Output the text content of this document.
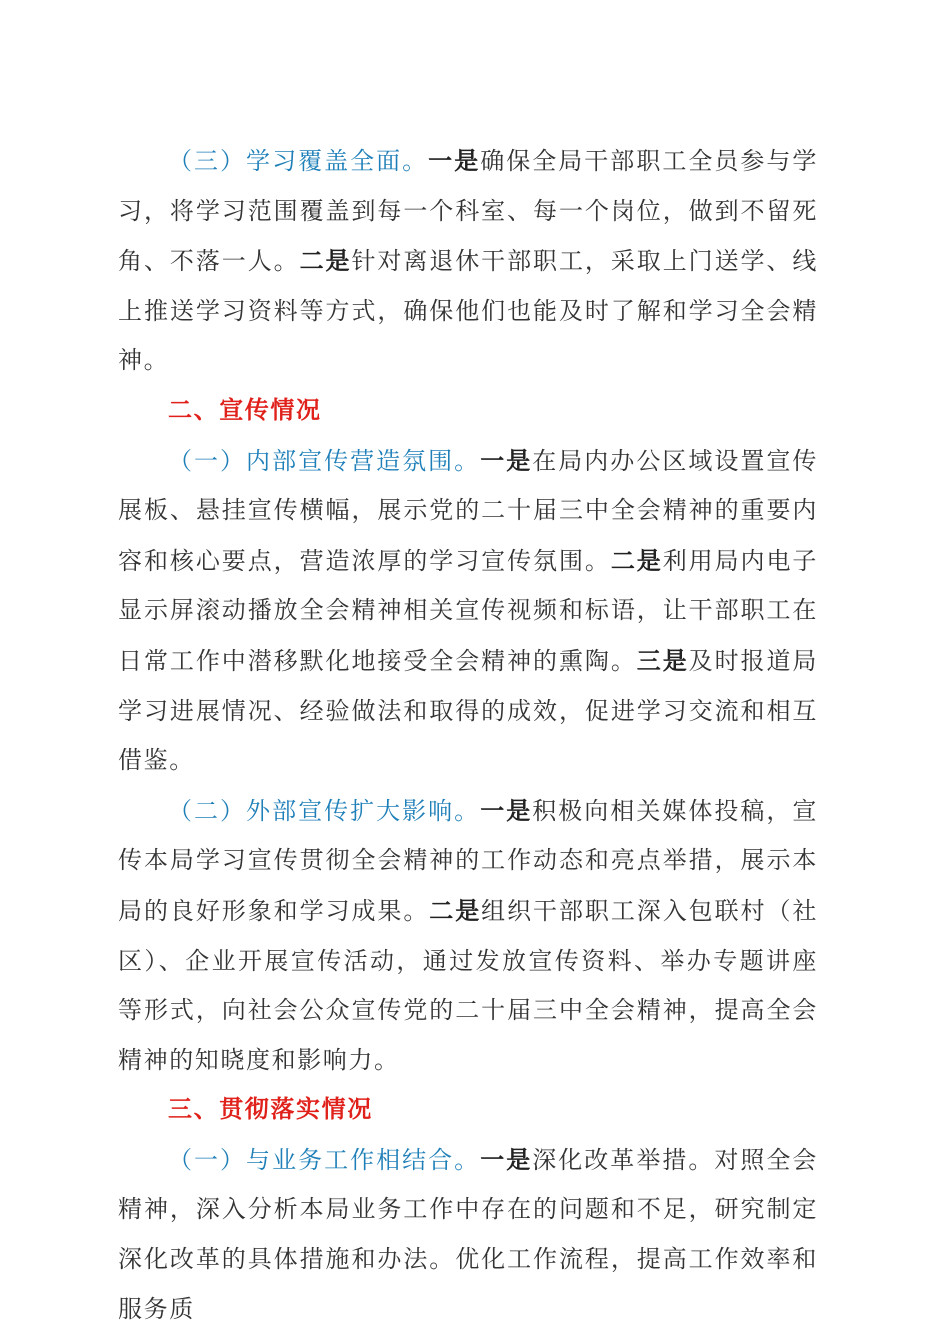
（三）学习覆盖全面。一是确保全局干部职工全员参与学习，将学习范围覆盖到每一个科室、每一个岗位，做到不留死角、不落一人。二是针对离退休干部职工，采取上门送学、线上推送学习资料等方式，确保他们也能及时了解和学习全会精神。

二、宣传情况

（一）内部宣传营造氛围。一是在局内办公区域设置宣传展板、悬挂宣传横幅，展示党的二十届三中全会精神的重要内容和核心要点，营造浓厚的学习宣传氛围。二是利用局内电子显示屏滚动播放全会精神相关宣传视频和标语，让干部职工在日常工作中潜移默化地接受全会精神的熏陶。三是及时报道局学习进展情况、经验做法和取得的成效，促进学习交流和相互借鉴。

（二）外部宣传扩大影响。一是积极向相关媒体投稿，宣传本局学习宣传贯彻全会精神的工作动态和亮点举措，展示本局的良好形象和学习成果。二是组织干部职工深入包联村（社区）、企业开展宣传活动，通过发放宣传资料、举办专题讲座等形式，向社会公众宣传党的二十届三中全会精神，提高全会精神的知晓度和影响力。

三、贯彻落实情况

（一）与业务工作相结合。一是深化改革举措。对照全会精神，深入分析本局业务工作中存在的问题和不足，研究制定深化改革的具体措施和办法。优化工作流程，提高工作效率和服务质
